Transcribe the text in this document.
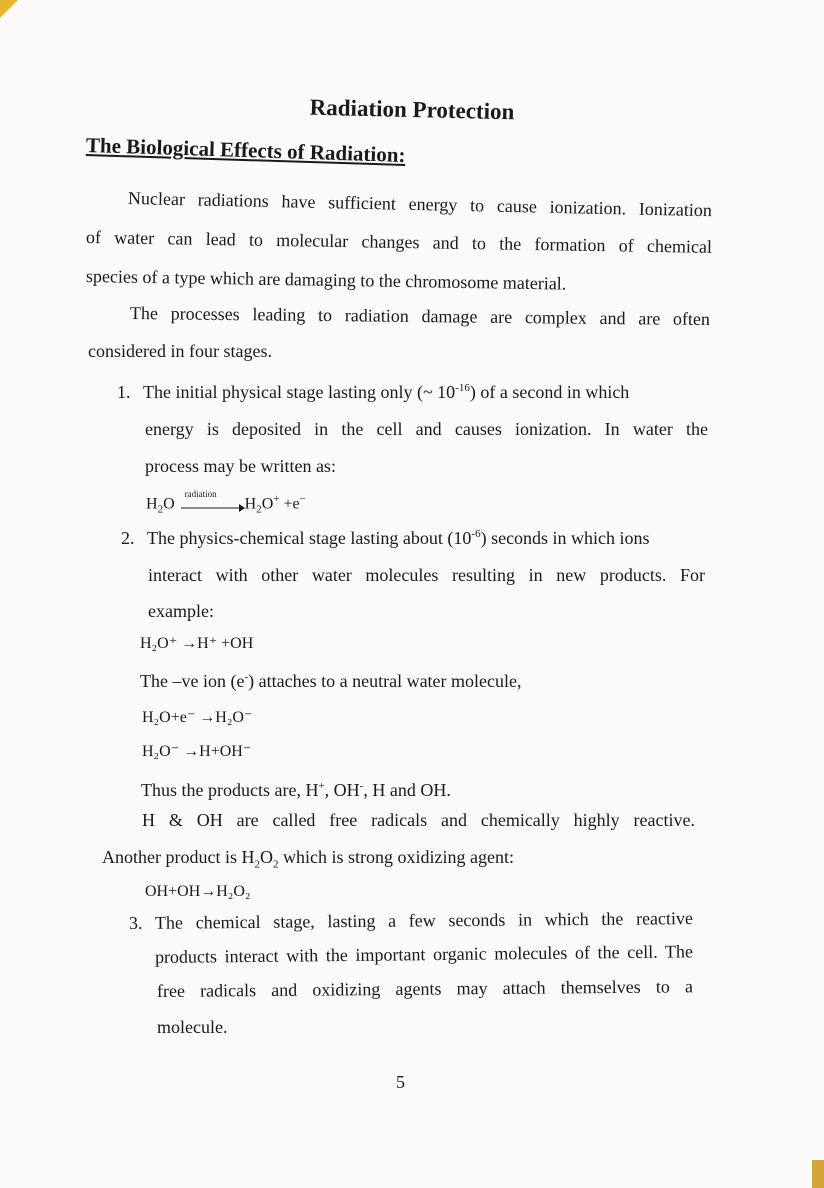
Radiation Protection
The Biological Effects of Radiation:
Nuclear radiations have sufficient energy to cause ionization. Ionization
of water can lead to molecular changes and to the formation of chemical
species of a type which are damaging to the chromosome material.
The processes leading to radiation damage are complex and are often
considered in four stages.
1. The initial physical stage lasting only (~ $10^{-16}$) of a second in which
energy is deposited in the cell and causes ionization. In water the
process may be written as:
$H_2O$
radiation
$H_2O^+ +e^-$
2. The physics-chemical stage lasting about $(10^{-6})$ seconds in which ions
interact with other water molecules resulting in new products. For
example:
H₂O⁺ →H⁺ +OH
The –ve ion (e-) attaches to a neutral water molecule,
H₂O+e⁻ →H₂O⁻
H₂O⁻ →H+OH⁻
Thus the products are, H+, OH-, H and OH.
H & OH are called free radicals and chemically highly reactive.
Another product is $H_2O_2$ which is strong oxidizing agent:
OH+OH→H₂O₂
3. The chemical stage, lasting a few seconds in which the reactive
products interact with the important organic molecules of the cell. The
free radicals and oxidizing agents may attach themselves to a
molecule.
5
